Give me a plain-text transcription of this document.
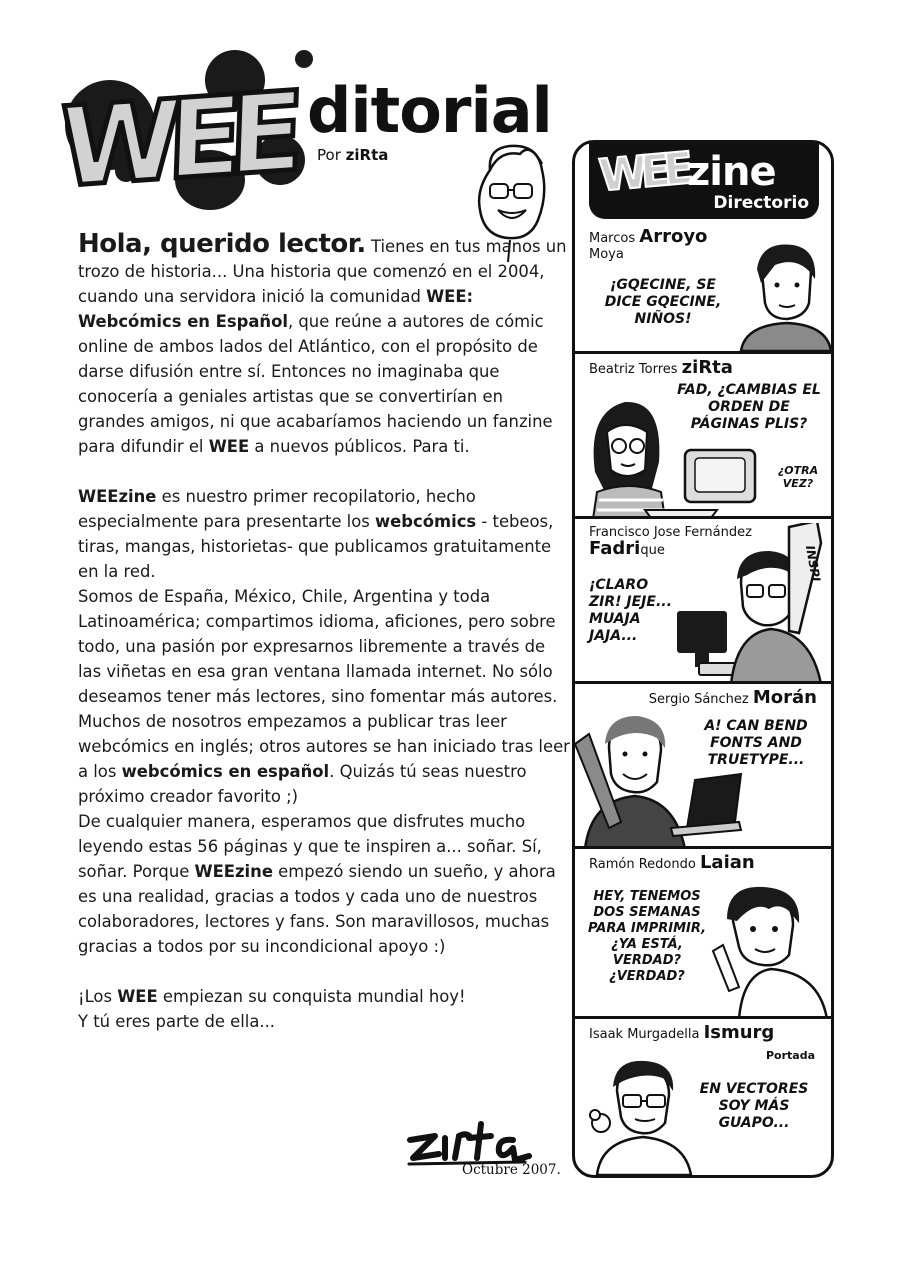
WEE ditorial
Por ziRta

Hola, querido lector. Tienes en tus manos un trozo de historia... Una historia que comenzó en el 2004, cuando una servidora inició la comunidad WEE: Webcómics en Español, que reúne a autores de cómic online de ambos lados del Atlántico, con el propósito de darse difusión entre sí. Entonces no imaginaba que conocería a geniales artistas que se convertirían en grandes amigos, ni que acabaríamos haciendo un fanzine para difundir el WEE a nuevos públicos. Para ti.

WEEzine es nuestro primer recopilatorio, hecho especialmente para presentarte los webcómics - tebeos, tiras, mangas, historietas- que publicamos gratuitamente en la red.

Somos de España, México, Chile, Argentina y toda Latinoamérica; compartimos idioma, aficiones, pero sobre todo, una pasión por expresarnos libremente a través de las viñetas en esa gran ventana llamada internet. No sólo deseamos tener más lectores, sino fomentar más autores. Muchos de nosotros empezamos a publicar tras leer webcómics en inglés; otros autores se han iniciado tras leer a los webcómics en español. Quizás tú seas nuestro próximo creador favorito ;)

De cualquier manera, esperamos que disfrutes mucho leyendo estas 56 páginas y que te inspiren a... soñar. Sí, soñar. Porque WEEzine empezó siendo un sueño, y ahora es una realidad, gracias a todos y cada uno de nuestros colaboradores, lectores y fans. Son maravillosos, muchas gracias a todos por su incondicional apoyo :)

¡Los WEE empiezan su conquista mundial hoy!
Y tú eres parte de ella...

Octubre 2007.
WEE
zine
Directorio
Marcos Arroyo
Moya
¡GQECINE, SE DICE GQECINE, NIÑOS!
Beatriz Torres ziRta
FAD, ¿CAMBIAS EL ORDEN DE PÁGINAS PLIS?
¿OTRA VEZ?
Francisco Jose Fernández
Fadrique
¡CLARO ZIR! JEJE... MUAJA JAJA...
INSPI
Sergio Sánchez Morán
A! CAN BEND FONTS AND TRUETYPE...
Ramón Redondo Laian
HEY, TENEMOS DOS SEMANAS PARA IMPRIMIR, ¿YA ESTÁ, VERDAD? ¿VERDAD?
Isaak Murgadella Ismurg
Portada
EN VECTORES SOY MÁS GUAPO...
